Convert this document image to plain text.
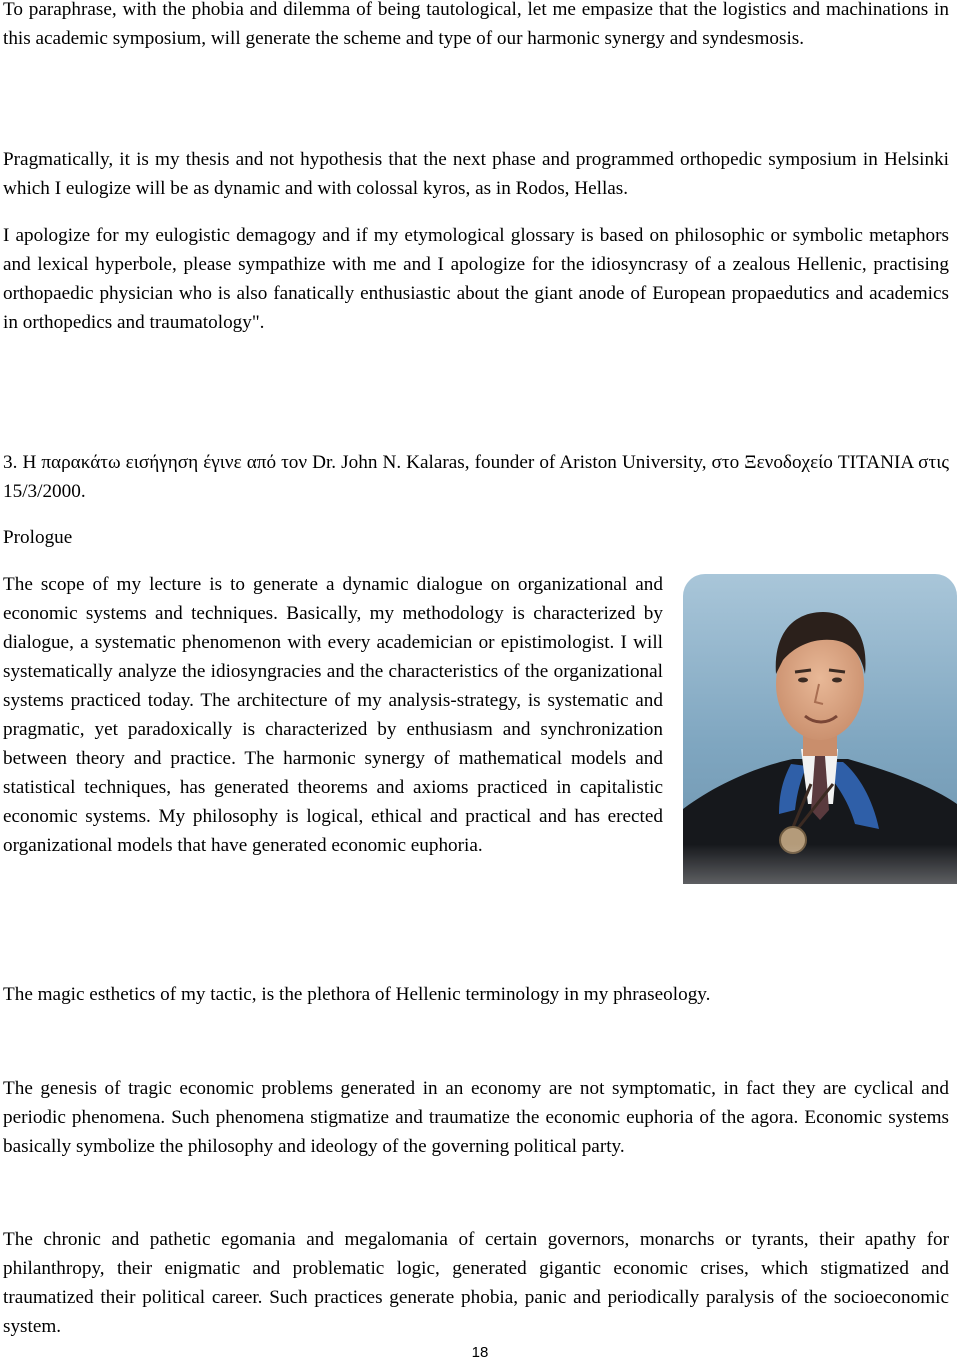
To paraphrase, with the phobia and dilemma of being tautological, let me empasize that the logistics and machinations in this academic symposium, will generate the scheme and type of our harmonic synergy and syndesmosis.

Pragmatically, it is my thesis and not hypothesis that the next phase and programmed orthopedic symposium in Helsinki which I eulogize will be as dynamic and with colossal kyros, as in Rodos, Hellas.

I apologize for my eulogistic demagogy and if my etymological glossary is based on philosophic or symbolic metaphors and lexical hyperbole, please sympathize with me and I apologize for the idiosyncrasy of a zealous Hellenic, practising orthopaedic physician who is also fanatically enthusiastic about the giant anode of European propaedutics and academics in orthopedics and traumatology".

3. Η παρακάτω εισήγηση έγινε από τον Dr. John N. Kalaras, founder of Ariston University, στο Ξενοδοχείο TITANIA στις 15/3/2000.

Prologue

The scope of my lecture is to generate a dynamic dialogue on organizational and economic systems and techniques. Basically, my methodology is characterized by dialogue, a systematic phenomenon with every academician or epistimologist. I will systematically analyze the idiosyngracies and the characteristics of the organizational systems practiced today. The architecture of my analysis-strategy, is systematic and pragmatic, yet paradoxically is characterized by enthusiasm and synchronization between theory and practice. The harmonic synergy of mathematical models and statistical techniques, has generated theorems and axioms practiced in capitalistic economic systems. My philosophy is logical, ethical and practical and has erected organizational models that have generated economic euphoria.

The magic esthetics of my tactic, is the plethora of Hellenic terminology in my phraseology.

The genesis of tragic economic problems generated in an economy are not symptomatic, in fact they are cyclical and periodic phenomena. Such phenomena stigmatize and traumatize the economic euphoria of the agora. Economic systems basically symbolize the philosophy and ideology of the governing political party.

The chronic and pathetic egomania and megalomania of certain governors, monarchs or tyrants, their apathy for philanthropy, their enigmatic and problematic logic, generated gigantic economic crises, which stigmatized and traumatized their political career. Such practices generate phobia, panic and periodically paralysis of the socioeconomic system.

18
